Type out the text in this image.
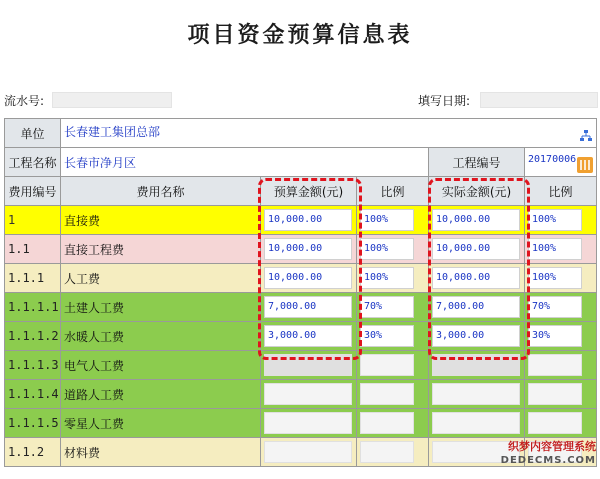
项目资金预算信息表
流水号:	填写日期:
单位	长春建工集团总部				

工程名称	长春市净月区			工程编号	20170006

费用编号	费用名称	预算金额(元)	比例	实际金额(元)	比例
1	直接费	10,000.00	100%	10,000.00	100%

1.1	直接工程费	10,000.00	100%	10,000.00	100%

1.1.1	人工费	10,000.00	100%	10,000.00	100%

1.1.1.1	土建人工费	7,000.00	70%	7,000.00	70%

1.1.1.2	水暖人工费	3,000.00	30%	3,000.00	30%

1.1.1.3	电气人工费	

1.1.1.4	道路人工费	

1.1.1.5	零星人工费	

1.1.2	材料费	

		织梦内容管理系统
DEDECMS.COM
